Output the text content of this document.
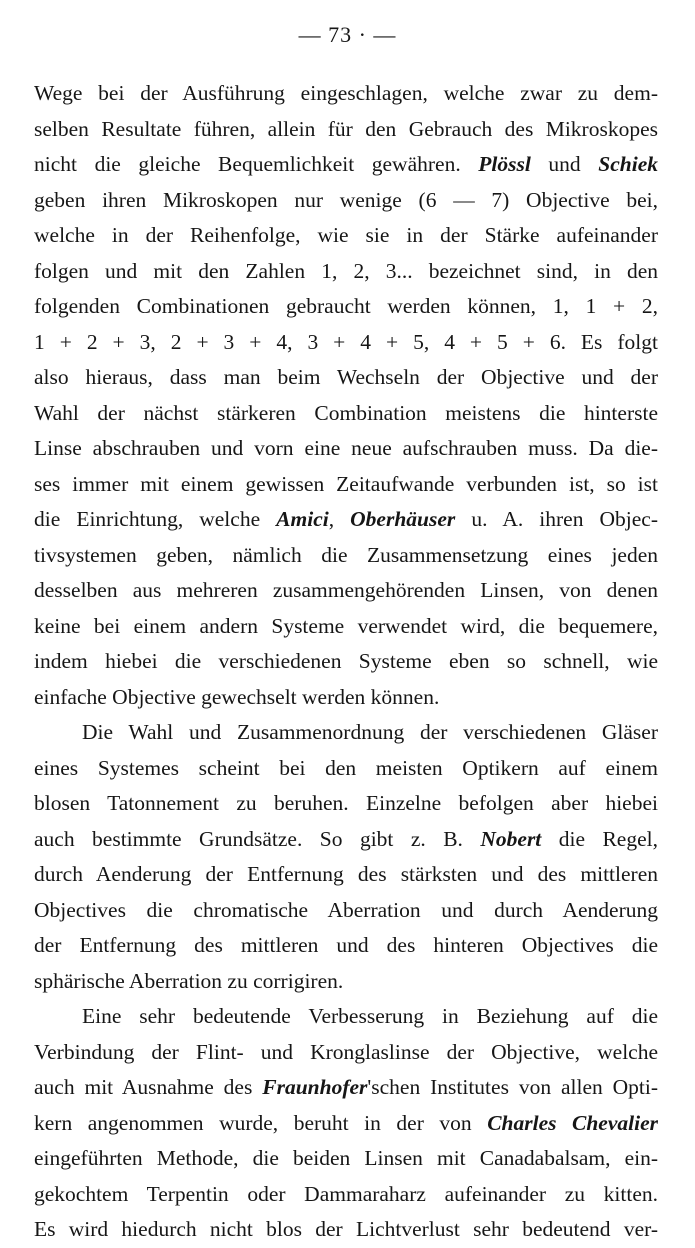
— 73 · —
Wege bei der Ausführung eingeschlagen, welche zwar zu dem-
selben Resultate führen, allein für den Gebrauch des Mikroskopes
nicht die gleiche Bequemlichkeit gewähren. Plössl und Schiek
geben ihren Mikroskopen nur wenige (6 — 7) Objective bei,
welche in der Reihenfolge, wie sie in der Stärke aufeinander
folgen und mit den Zahlen 1, 2, 3... bezeichnet sind, in den
folgenden Combinationen gebraucht werden können, 1, 1 + 2,
1 + 2 + 3, 2 + 3 + 4, 3 + 4 + 5, 4 + 5 + 6. Es folgt
also hieraus, dass man beim Wechseln der Objective und der
Wahl der nächst stärkeren Combination meistens die hinterste
Linse abschrauben und vorn eine neue aufschrauben muss. Da die-
ses immer mit einem gewissen Zeitaufwande verbunden ist, so ist
die Einrichtung, welche Amici, Oberhäuser u. A. ihren Objec-
tivsystemen geben, nämlich die Zusammensetzung eines jeden
desselben aus mehreren zusammengehörenden Linsen, von denen
keine bei einem andern Systeme verwendet wird, die bequemere,
indem hiebei die verschiedenen Systeme eben so schnell, wie
einfache Objective gewechselt werden können.
Die Wahl und Zusammenordnung der verschiedenen Gläser
eines Systemes scheint bei den meisten Optikern auf einem
blosen Tatonnement zu beruhen. Einzelne befolgen aber hiebei
auch bestimmte Grundsätze. So gibt z. B. Nobert die Regel,
durch Aenderung der Entfernung des stärksten und des mittleren
Objectives die chromatische Aberration und durch Aenderung
der Entfernung des mittleren und des hinteren Objectives die
sphärische Aberration zu corrigiren.
Eine sehr bedeutende Verbesserung in Beziehung auf die
Verbindung der Flint- und Kronglaslinse der Objective, welche
auch mit Ausnahme des Fraunhofer'schen Institutes von allen Opti-
kern angenommen wurde, beruht in der von Charles Chevalier
eingeführten Methode, die beiden Linsen mit Canadabalsam, ein-
gekochtem Terpentin oder Dammaraharz aufeinander zu kitten.
Es wird hiedurch nicht blos der Lichtverlust sehr bedeutend ver-
